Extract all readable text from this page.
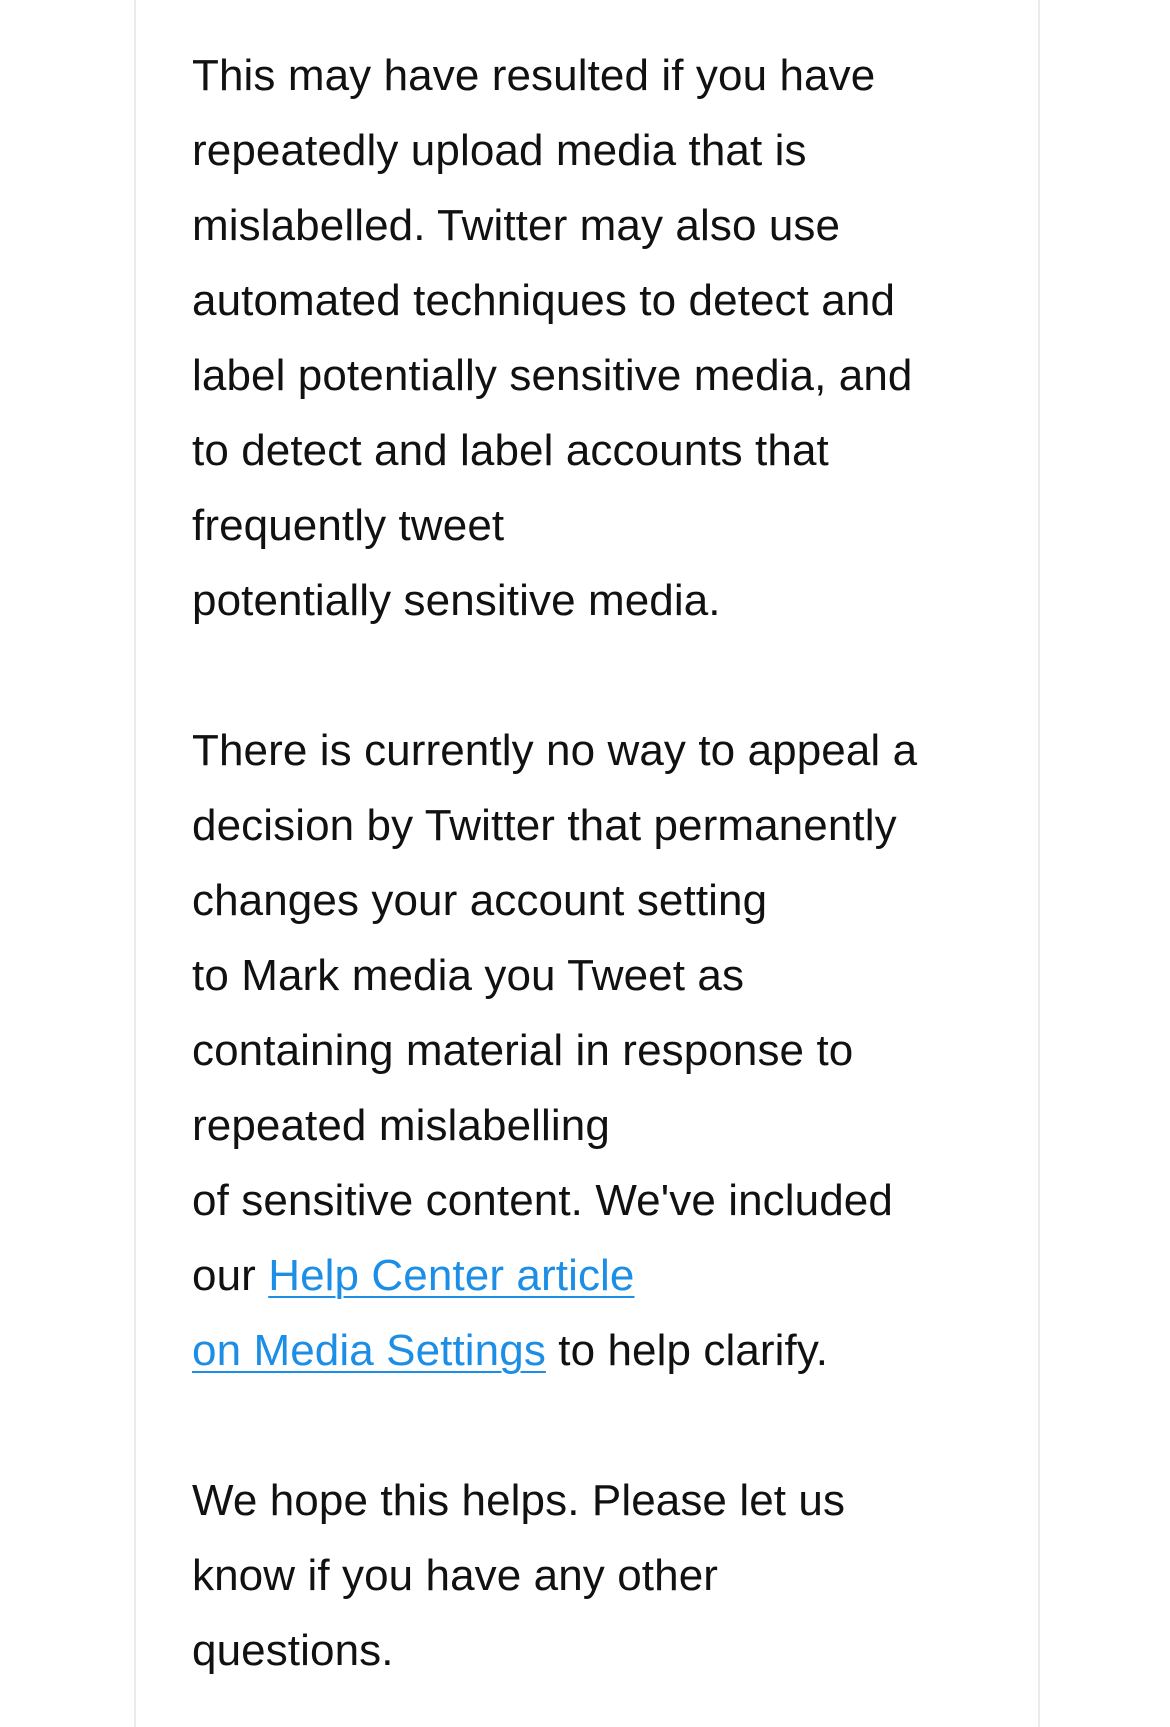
This may have resulted if you have
repeatedly upload media that is
mislabelled. Twitter may also use
automated techniques to detect and
label potentially sensitive media, and
to detect and label accounts that
frequently tweet
potentially sensitive media.
There is currently no way to appeal a
decision by Twitter that permanently
changes your account setting
to Mark media you Tweet as
containing material in response to
repeated mislabelling
of sensitive content. We've included
our Help Center article
on Media Settings to help clarify.
We hope this helps. Please let us
know if you have any other
questions.
